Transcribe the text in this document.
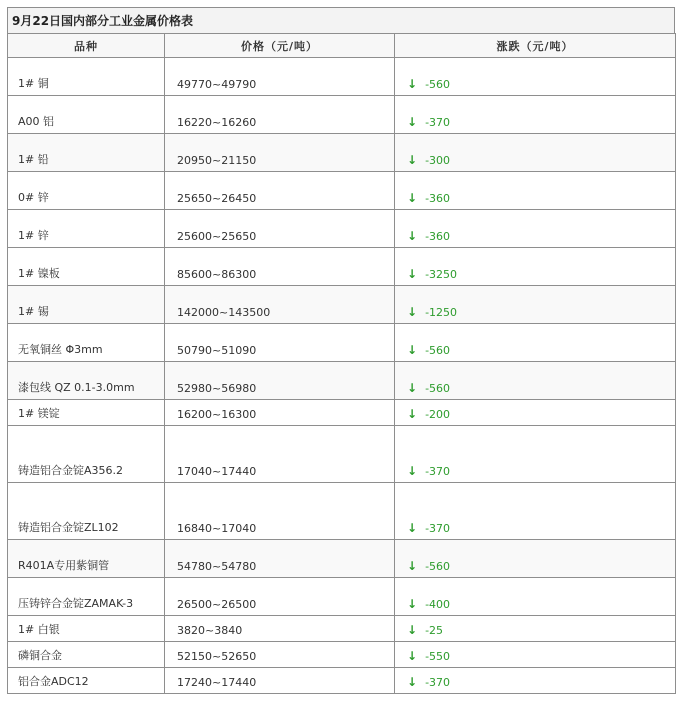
9月22日国内部分工业金属价格表
品种	价格（元/吨）	涨跌（元/吨）
1# 铜	49770~49790	↓ -560
A00 铝	16220~16260	↓ -370
1# 铅	20950~21150	↓ -300
0# 锌	25650~26450	↓ -360
1# 锌	25600~25650	↓ -360
1# 镍板	85600~86300	↓ -3250
1# 锡	142000~143500	↓ -1250
无氧铜丝 Φ3mm	50790~51090	↓ -560
漆包线 QZ 0.1-3.0mm	52980~56980	↓ -560
1# 镁锭	16200~16300	↓ -200
铸造铝合金锭A356.2	17040~17440	↓ -370
铸造铝合金锭ZL102	16840~17040	↓ -370
R401A专用紫铜管	54780~54780	↓ -560
压铸锌合金锭ZAMAK-3	26500~26500	↓ -400
1# 白银	3820~3840	↓ -25
磷铜合金	52150~52650	↓ -550
铝合金ADC12	17240~17440	↓ -370
